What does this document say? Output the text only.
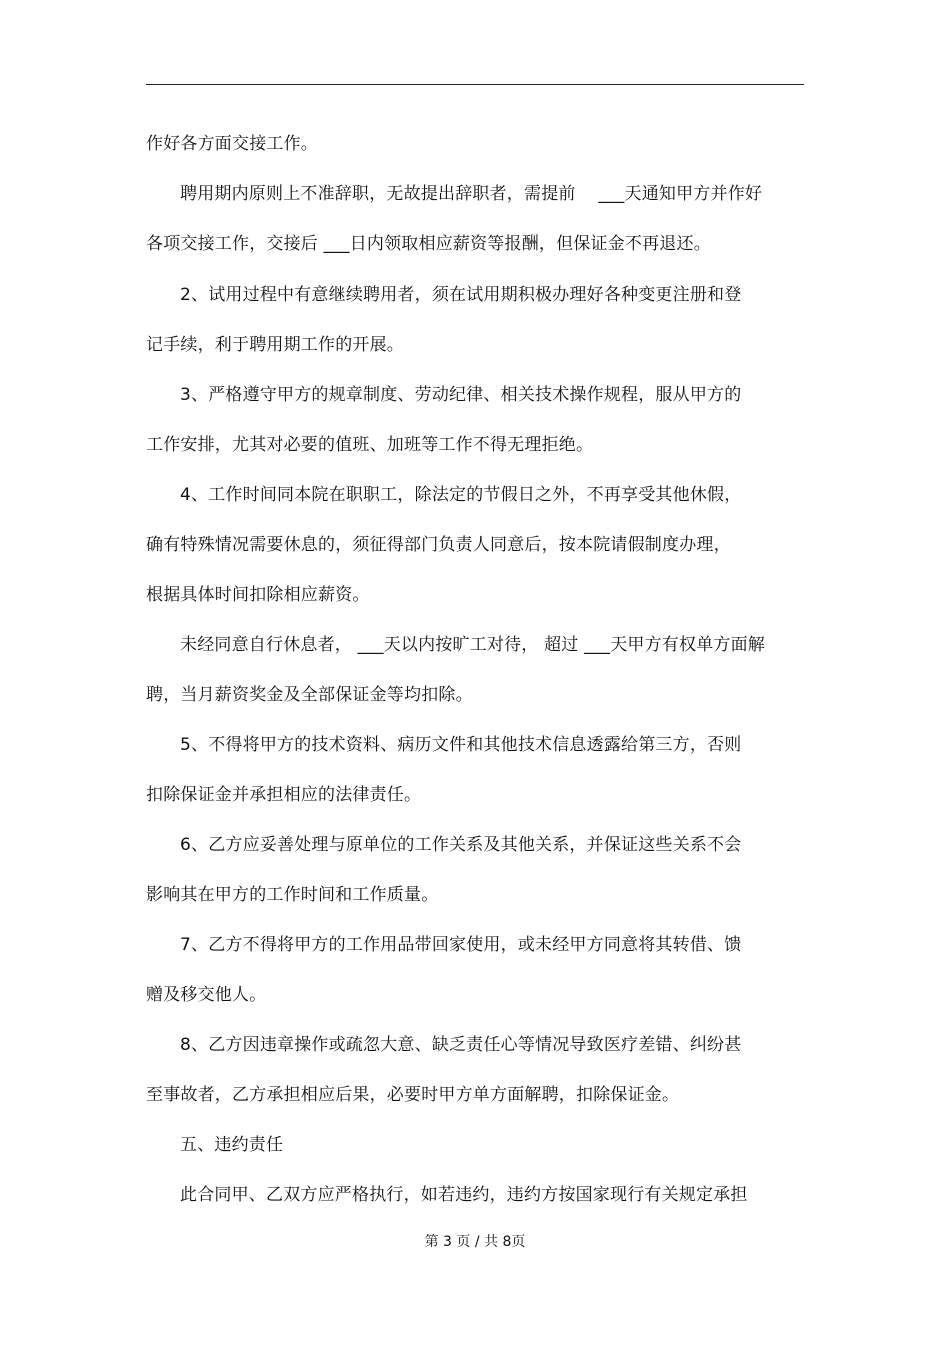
作好各方面交接工作。
聘用期内原则上不准辞职，无故提出辞职者，需提前　 ___天通知甲方并作好
各项交接工作，交接后 ___日内领取相应薪资等报酬，但保证金不再退还。
2、试用过程中有意继续聘用者，须在试用期积极办理好各种变更注册和登
记手续，利于聘用期工作的开展。
3、严格遵守甲方的规章制度、劳动纪律、相关技术操作规程，服从甲方的
工作安排，尤其对必要的值班、加班等工作不得无理拒绝。
4、工作时间同本院在职职工，除法定的节假日之外，不再享受其他休假，
确有特殊情况需要休息的，须征得部门负责人同意后，按本院请假制度办理，
根据具体时间扣除相应薪资。
未经同意自行休息者， ___天以内按旷工对待， 超过 ___天甲方有权单方面解
聘，当月薪资奖金及全部保证金等均扣除。
5、不得将甲方的技术资料、病历文件和其他技术信息透露给第三方，否则
扣除保证金并承担相应的法律责任。
6、乙方应妥善处理与原单位的工作关系及其他关系，并保证这些关系不会
影响其在甲方的工作时间和工作质量。
7、乙方不得将甲方的工作用品带回家使用，或未经甲方同意将其转借、馈
赠及移交他人。
8、乙方因违章操作或疏忽大意、缺乏责任心等情况导致医疗差错、纠纷甚
至事故者，乙方承担相应后果，必要时甲方单方面解聘，扣除保证金。
五、违约责任
此合同甲、乙双方应严格执行，如若违约，违约方按国家现行有关规定承担
第 3 页 / 共 8页
